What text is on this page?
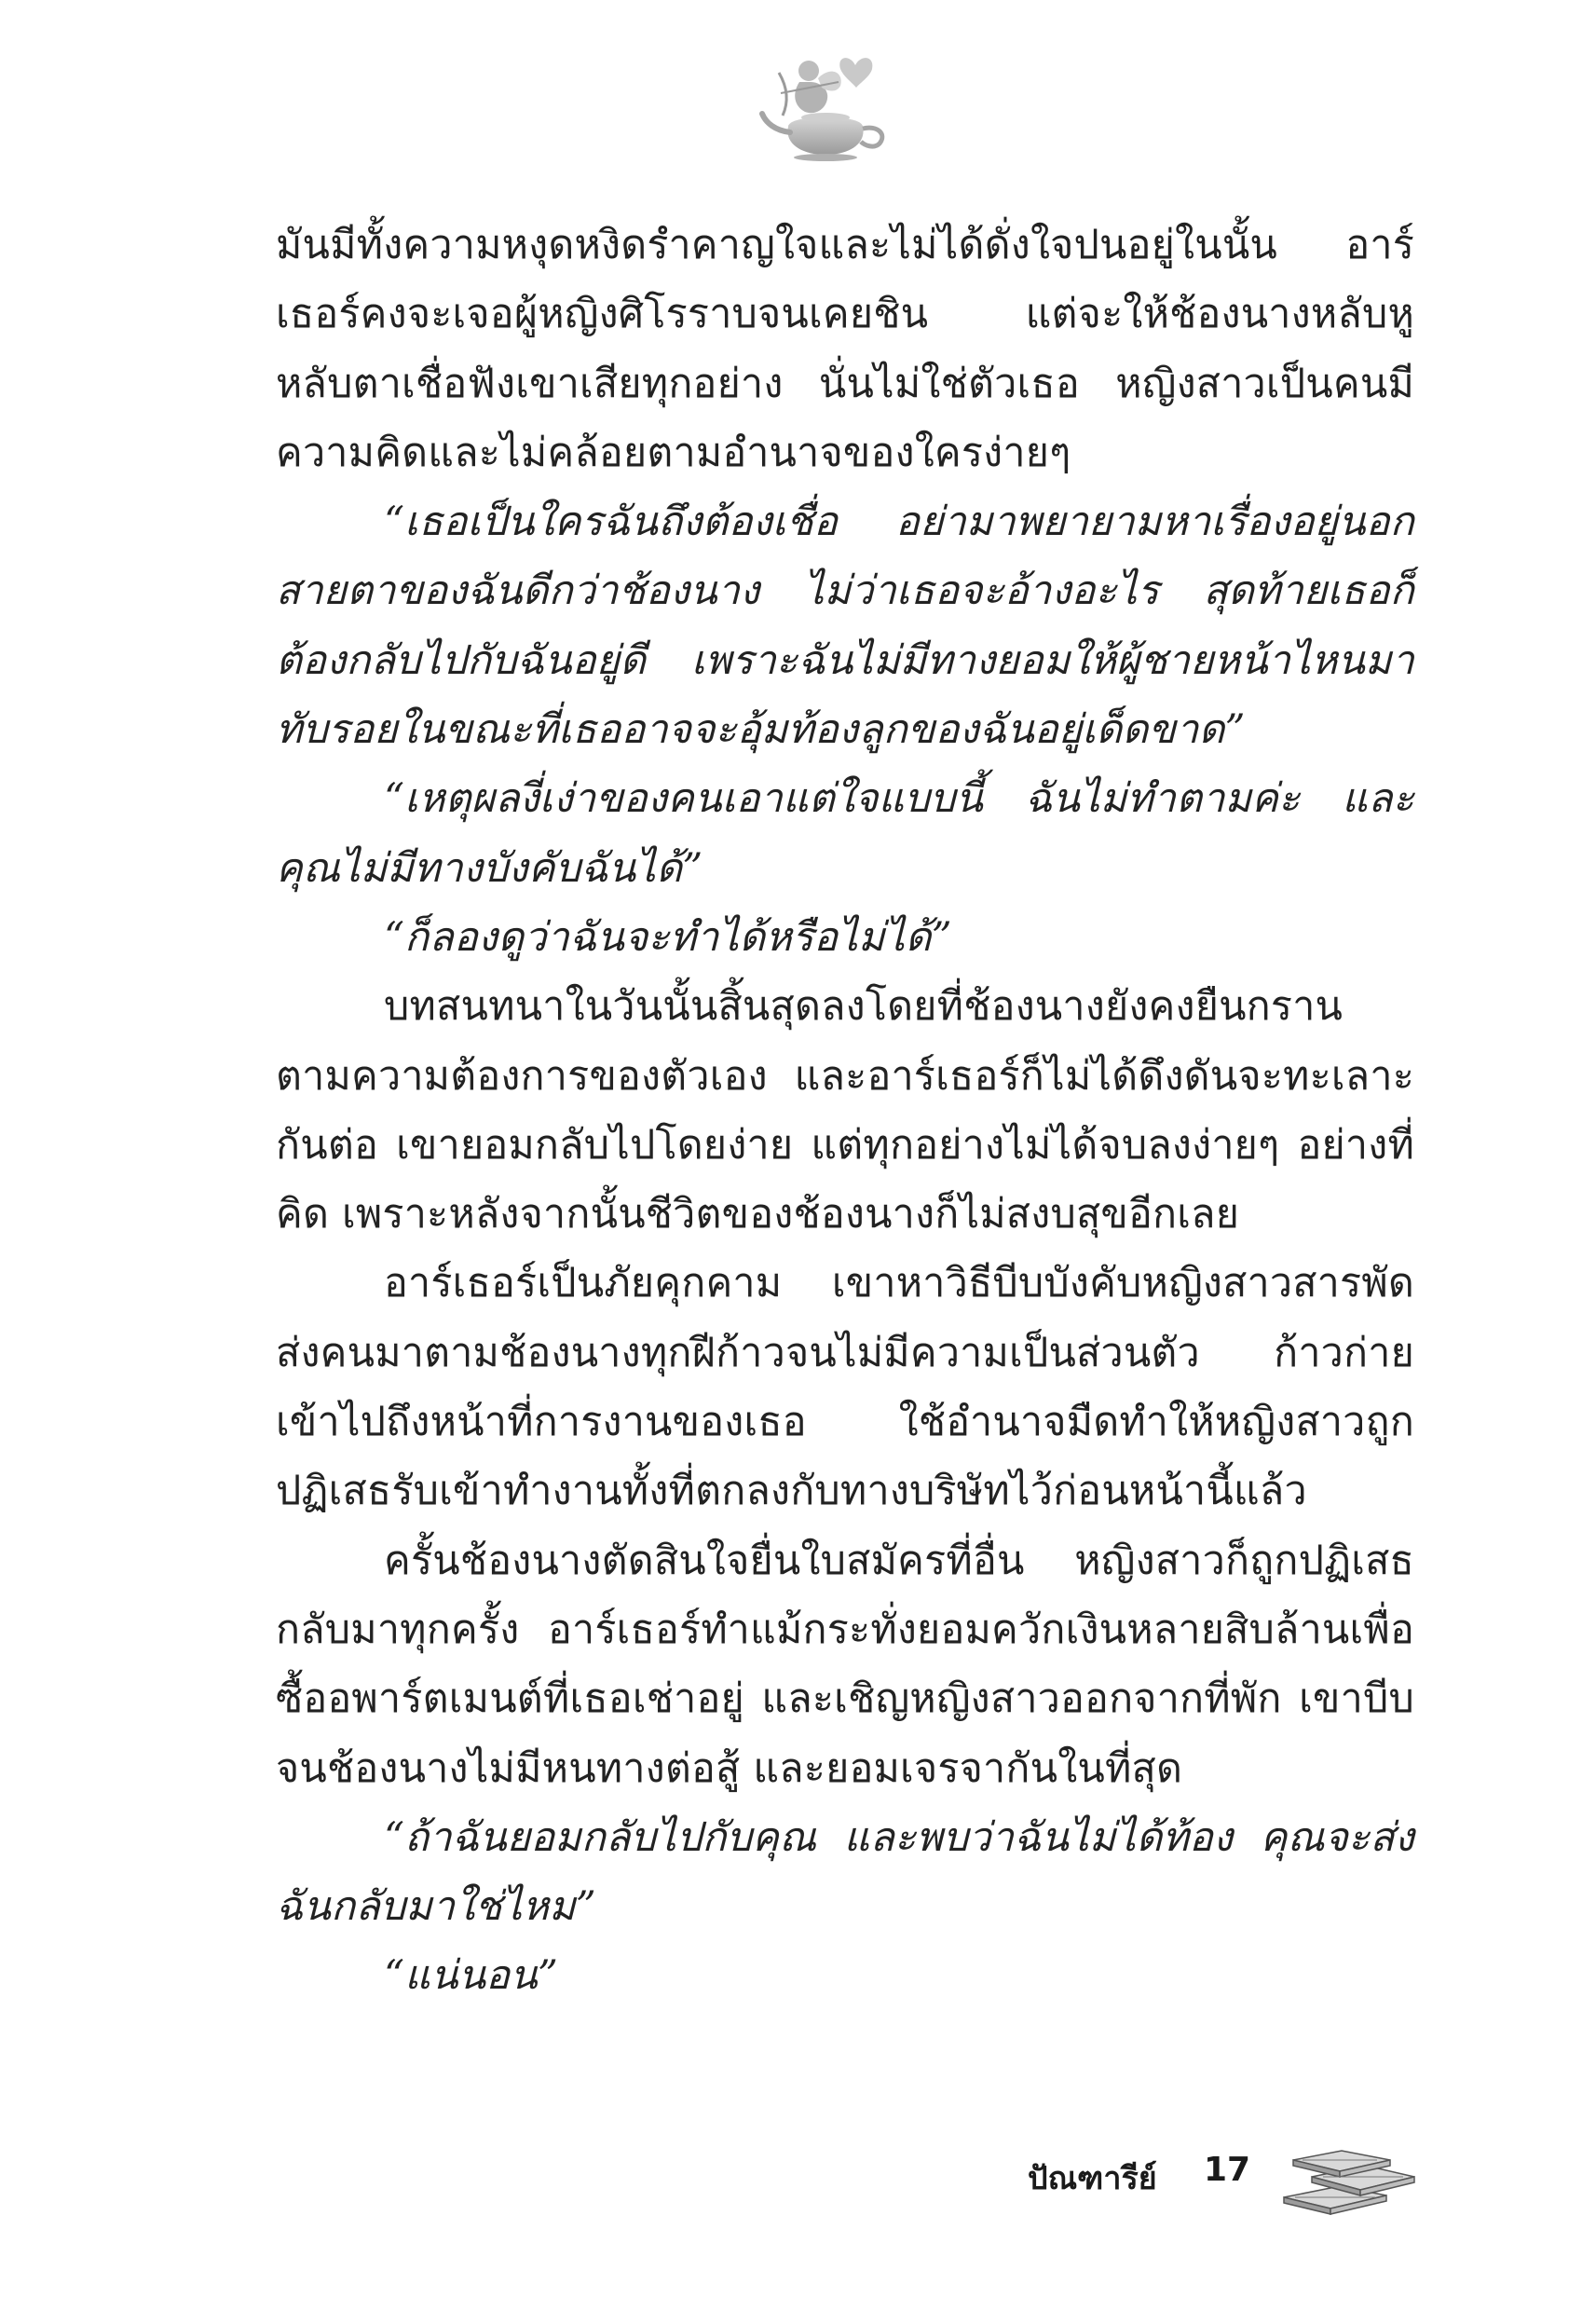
มันมีทั้งความหงุดหงิดรำคาญใจและไม่ได้ดั่งใจปนอยู่ในนั้น อาร์เธอร์คงจะเจอผู้หญิงศิโรราบจนเคยชิน แต่จะให้ช้องนางหลับหูหลับตาเชื่อฟังเขาเสียทุกอย่าง นั่นไม่ใช่ตัวเธอ หญิงสาวเป็นคนมีความคิดและไม่คล้อยตามอำนาจของใครง่ายๆ

“เธอเป็นใครฉันถึงต้องเชื่อ อย่ามาพยายามหาเรื่องอยู่นอกสายตาของฉันดีกว่าช้องนาง ไม่ว่าเธอจะอ้างอะไร สุดท้ายเธอก็ต้องกลับไปกับฉันอยู่ดี เพราะฉันไม่มีทางยอมให้ผู้ชายหน้าไหนมาทับรอยในขณะที่เธออาจจะอุ้มท้องลูกของฉันอยู่เด็ดขาด”

“เหตุผลงี่เง่าของคนเอาแต่ใจแบบนี้ ฉันไม่ทำตามค่ะ และคุณไม่มีทางบังคับฉันได้”

“ก็ลองดูว่าฉันจะทำได้หรือไม่ได้”

บทสนทนาในวันนั้นสิ้นสุดลงโดยที่ช้องนางยังคงยืนกรานตามความต้องการของตัวเอง และอาร์เธอร์ก็ไม่ได้ดึงดันจะทะเลาะกันต่อ เขายอมกลับไปโดยง่าย แต่ทุกอย่างไม่ได้จบลงง่ายๆ อย่างที่คิด เพราะหลังจากนั้นชีวิตของช้องนางก็ไม่สงบสุขอีกเลย

อาร์เธอร์เป็นภัยคุกคาม เขาหาวิธีบีบบังคับหญิงสาวสารพัดส่งคนมาตามช้องนางทุกฝีก้าวจนไม่มีความเป็นส่วนตัว ก้าวก่ายเข้าไปถึงหน้าที่การงานของเธอ ใช้อำนาจมืดทำให้หญิงสาวถูกปฏิเสธรับเข้าทำงานทั้งที่ตกลงกับทางบริษัทไว้ก่อนหน้านี้แล้ว

ครั้นช้องนางตัดสินใจยื่นใบสมัครที่อื่น หญิงสาวก็ถูกปฏิเสธกลับมาทุกครั้ง อาร์เธอร์ทำแม้กระทั่งยอมควักเงินหลายสิบล้านเพื่อซื้ออพาร์ตเมนต์ที่เธอเช่าอยู่ และเชิญหญิงสาวออกจากที่พัก เขาบีบจนช้องนางไม่มีหนทางต่อสู้ และยอมเจรจากันในที่สุด

“ถ้าฉันยอมกลับไปกับคุณ และพบว่าฉันไม่ได้ท้อง คุณจะส่งฉันกลับมาใช่ไหม”

“แน่นอน”

ปัณฑารีย์ 17
